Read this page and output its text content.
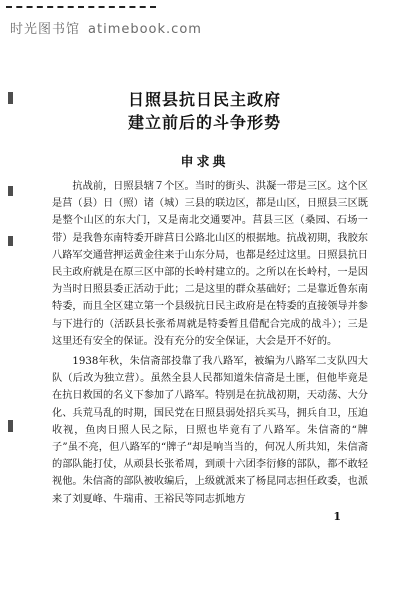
时光图书馆 atimebook.com
日照县抗日民主政府
建立前后的斗争形势
申求典

抗战前，日照县辖７个区。当时的街头、洪凝一带是三区。这个区是莒（县）日（照）诸（城）三县的联边区，都是山区，日照县三区既是整个山区的东大门，又是南北交通要冲。莒县三区（桑园、石场一带）是我鲁东南特委开辟莒日公路北山区的根据地。抗战初期，我胶东八路军交通营押运黄金往来于山东分局，也都是经过这里。日照县抗日民主政府就是在原三区中部的长岭村建立的。之所以在长岭村，一是因为当时日照县委正活动于此；二是这里的群众基础好；二是靠近鲁东南特委，而且全区建立第一个县级抗日民主政府是在特委的直接领导并参与下进行的（活跃县长张希周就是特委暂且借配合完成的战斗）；三是这里还有安全的保证。没有充分的安全保证，大会是开不好的。

1938年秋，朱信斋部投靠了我八路军，被编为八路军二支队四大队（后改为独立营）。虽然全县人民都知道朱信斋是土匪，但他毕竟是在抗日救国的名义下参加了八路军。特别是在抗战初期，天动荡、大分化、兵荒马乱的时期，国民党在日照县弱处招兵买马，拥兵自卫，压迫收视，鱼肉日照人民之际，日照也毕竟有了八路军。朱信斋的“牌子”虽不亮，但八路军的“牌子”却是响当当的，何况人所共知，朱信斋的部队能打仗，从顽县长张希周，到顽十六团李衍修的部队，都不敢轻视他。朱信斋的部队被收编后，上级就派来了杨昆同志担任政委，也派来了刘夏峰、牛瑞甫、王裕民等同志抓地方

1
